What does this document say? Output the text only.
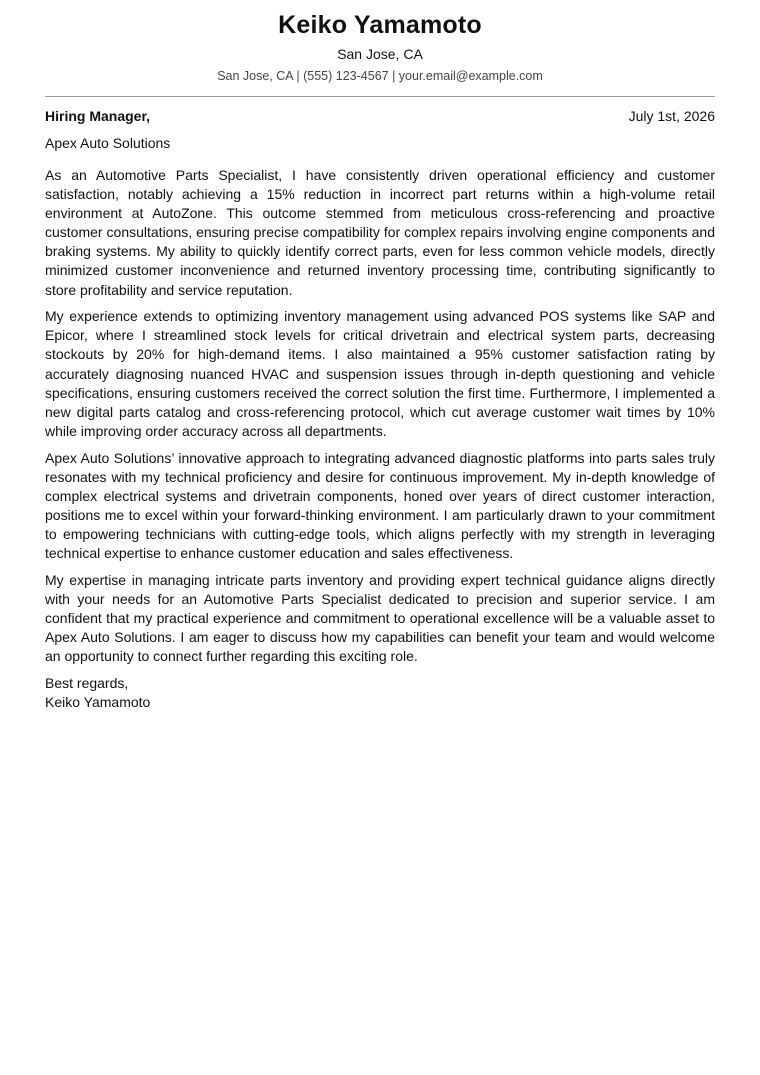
Keiko Yamamoto
San Jose, CA
San Jose, CA | (555) 123-4567 | your.email@example.com
Hiring Manager,	July 1st, 2026
Apex Auto Solutions

As an Automotive Parts Specialist, I have consistently driven operational efficiency and customer satisfaction, notably achieving a 15% reduction in incorrect part returns within a high-volume retail environment at AutoZone. This outcome stemmed from meticulous cross-referencing and proactive customer consultations, ensuring precise compatibility for complex repairs involving engine components and braking systems. My ability to quickly identify correct parts, even for less common vehicle models, directly minimized customer inconvenience and returned inventory processing time, contributing significantly to store profitability and service reputation.

My experience extends to optimizing inventory management using advanced POS systems like SAP and Epicor, where I streamlined stock levels for critical drivetrain and electrical system parts, decreasing stockouts by 20% for high-demand items. I also maintained a 95% customer satisfaction rating by accurately diagnosing nuanced HVAC and suspension issues through in-depth questioning and vehicle specifications, ensuring customers received the correct solution the first time. Furthermore, I implemented a new digital parts catalog and cross-referencing protocol, which cut average customer wait times by 10% while improving order accuracy across all departments.

Apex Auto Solutions’ innovative approach to integrating advanced diagnostic platforms into parts sales truly resonates with my technical proficiency and desire for continuous improvement. My in-depth knowledge of complex electrical systems and drivetrain components, honed over years of direct customer interaction, positions me to excel within your forward-thinking environment. I am particularly drawn to your commitment to empowering technicians with cutting-edge tools, which aligns perfectly with my strength in leveraging technical expertise to enhance customer education and sales effectiveness.

My expertise in managing intricate parts inventory and providing expert technical guidance aligns directly with your needs for an Automotive Parts Specialist dedicated to precision and superior service. I am confident that my practical experience and commitment to operational excellence will be a valuable asset to Apex Auto Solutions. I am eager to discuss how my capabilities can benefit your team and would welcome an opportunity to connect further regarding this exciting role.

Best regards,
Keiko Yamamoto
